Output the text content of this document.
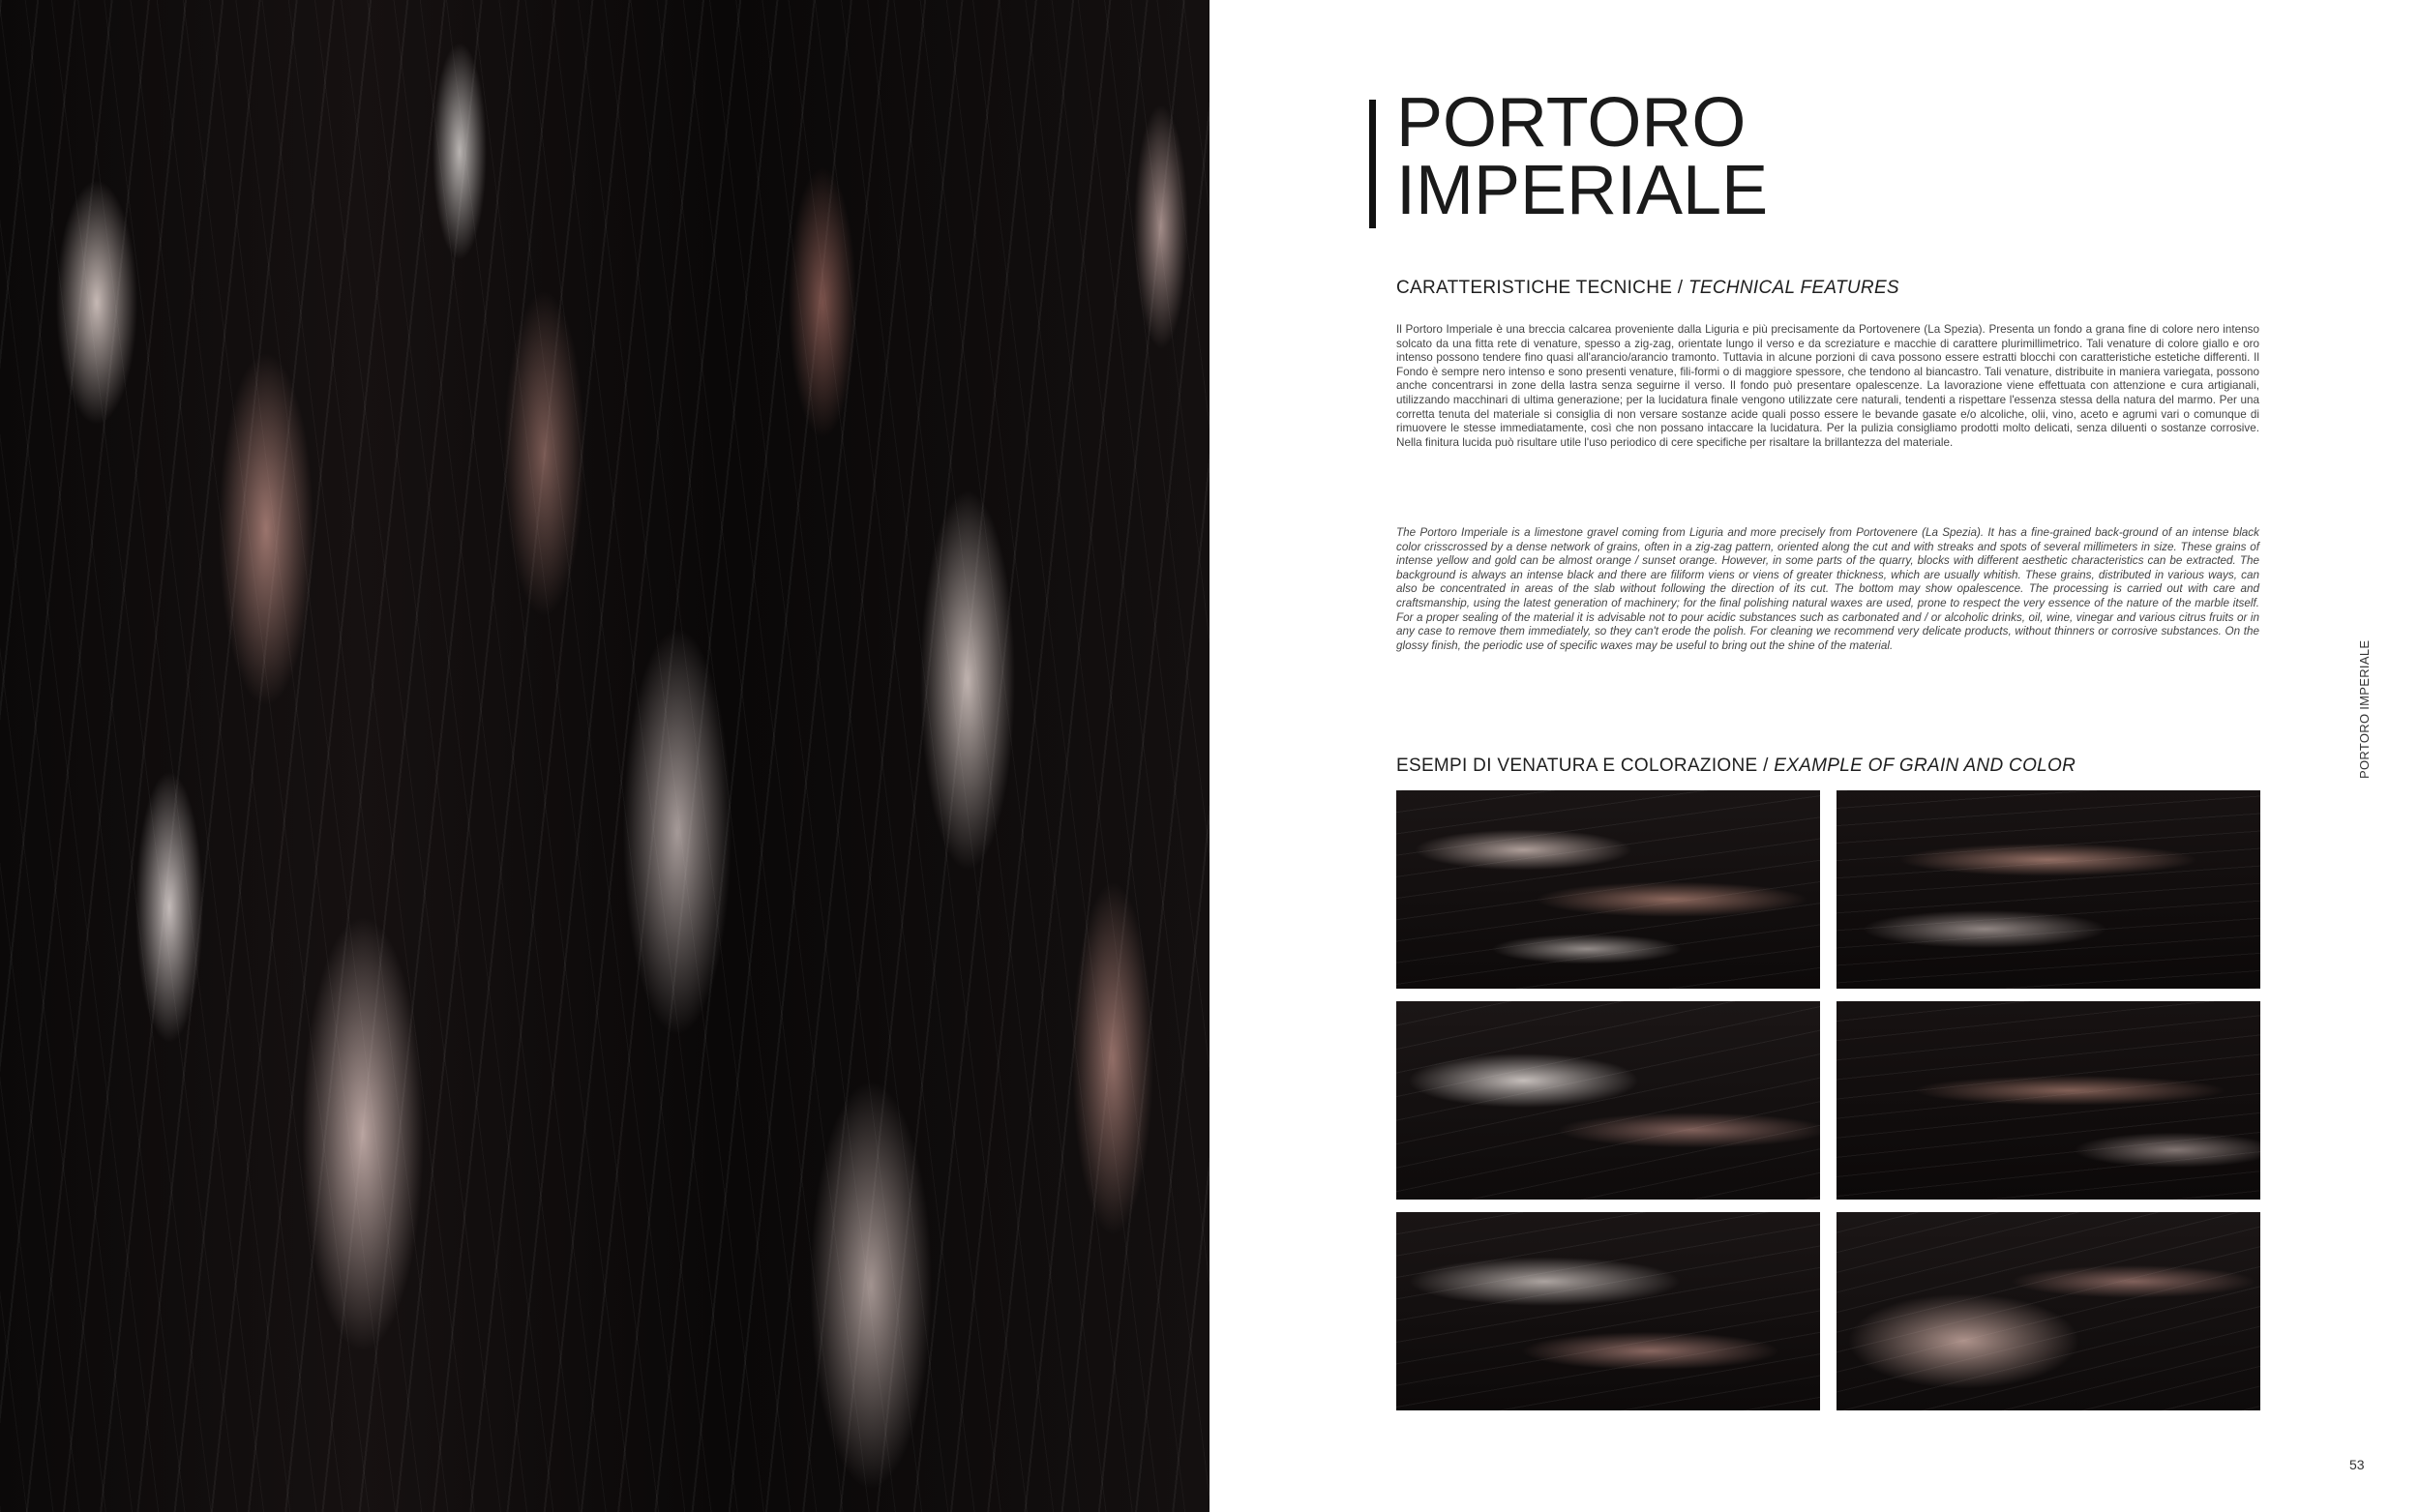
PORTORO
IMPERIALE
CARATTERISTICHE TECNICHE / TECHNICAL FEATURES

Il Portoro Imperiale è una breccia calcarea proveniente dalla Liguria e più precisamente da Portovenere (La Spezia). Presenta un fondo a grana fine di colore nero intenso solcato da una fitta rete di venature, spesso a zig-zag, orientate lungo il verso e da screziature e macchie di carattere plurimillimetrico. Tali venature di colore giallo e oro intenso possono tendere fino quasi all'arancio/arancio tramonto. Tuttavia in alcune porzioni di cava possono essere estratti blocchi con caratteristiche estetiche differenti. Il Fondo è sempre nero intenso e sono presenti venature, fili-formi o di maggiore spessore, che tendono al biancastro. Tali venature, distribuite in maniera variegata, possono anche concentrarsi in zone della lastra senza seguirne il verso. Il fondo può presentare opalescenze. La lavorazione viene effettuata con attenzione e cura artigianali, utilizzando macchinari di ultima generazione; per la lucidatura finale vengono utilizzate cere naturali, tendenti a rispettare l'essenza stessa della natura del marmo. Per una corretta tenuta del materiale si consiglia di non versare sostanze acide quali posso essere le bevande gasate e/o alcoliche, olii, vino, aceto e agrumi vari o comunque di rimuovere le stesse immediatamente, così che non possano intaccare la lucidatura. Per la pulizia consigliamo prodotti molto delicati, senza diluenti o sostanze corrosive. Nella finitura lucida può risultare utile l'uso periodico di cere specifiche per risaltare la brillantezza del materiale.

The Portoro Imperiale is a limestone gravel coming from Liguria and more precisely from Portovenere (La Spezia). It has a fine-grained back-ground of an intense black color crisscrossed by a dense network of grains, often in a zig-zag pattern, oriented along the cut and with streaks and spots of several millimeters in size. These grains of intense yellow and gold can be almost orange / sunset orange. However, in some parts of the quarry, blocks with different aesthetic characteristics can be extracted. The background is always an intense black and there are filiform viens or viens of greater thickness, which are usually whitish. These grains, distributed in various ways, can also be concentrated in areas of the slab without following the direction of its cut. The bottom may show opalescence. The processing is carried out with care and craftsmanship, using the latest generation of machinery; for the final polishing natural waxes are used, prone to respect the very essence of the nature of the marble itself. For a proper sealing of the material it is advisable not to pour acidic substances such as carbonated and / or alcoholic drinks, oil, wine, vinegar and various citrus fruits or in any case to remove them immediately, so they can't erode the polish. For cleaning we recommend very delicate products, without thinners or corrosive substances. On the glossy finish, the periodic use of specific waxes may be useful to bring out the shine of the material.

ESEMPI DI VENATURA E COLORAZIONE / EXAMPLE OF GRAIN AND COLOR	PORTORO IMPERIALE
53
